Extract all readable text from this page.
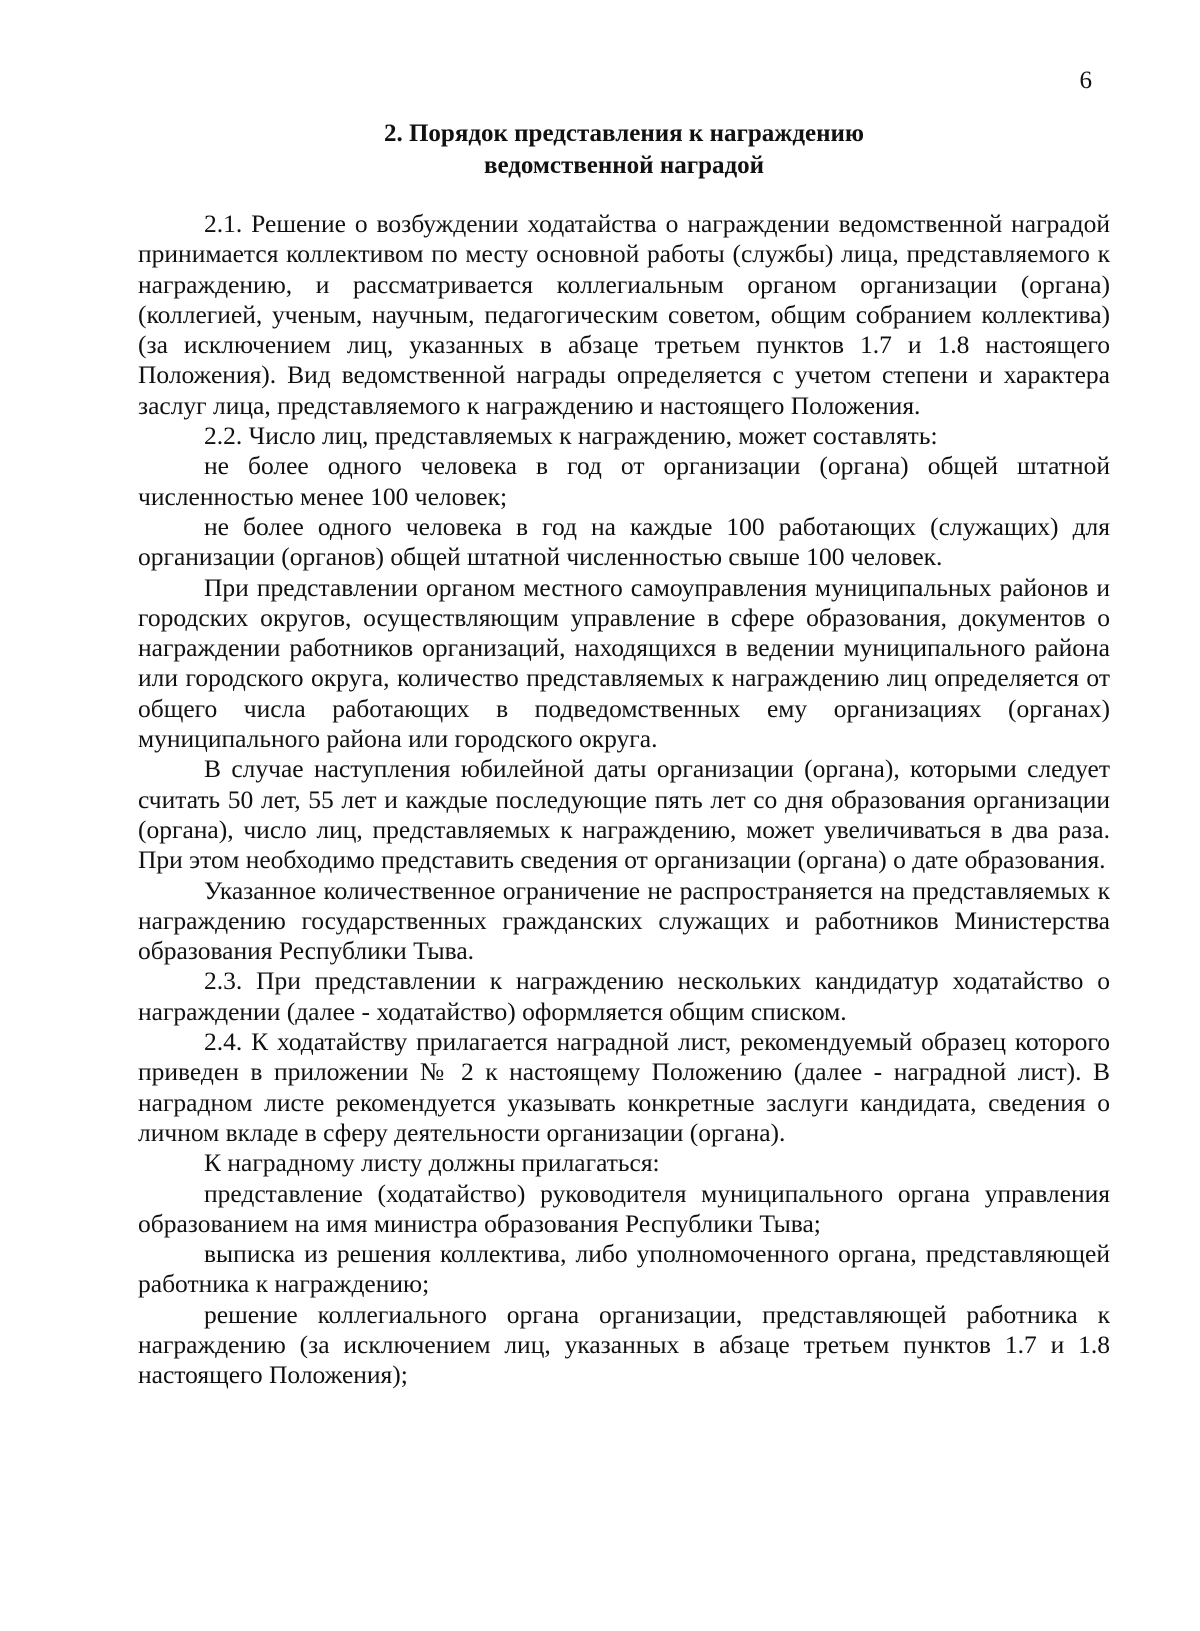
6
2. Порядок представления к награждению
ведомственной наградой

2.1. Решение о возбуждении ходатайства о награждении ведомственной наградой принимается коллективом по месту основной работы (службы) лица, представляемого к награждению, и рассматривается коллегиальным органом организации (органа) (коллегией, ученым, научным, педагогическим советом, общим собранием коллектива) (за исключением лиц, указанных в абзаце третьем пунктов 1.7 и 1.8 настоящего Положения). Вид ведомственной награды определяется с учетом степени и характера заслуг лица, представляемого к награждению и настоящего Положения.

2.2. Число лиц, представляемых к награждению, может составлять:

не более одного человека в год от организации (органа) общей штатной численностью менее 100 человек;

не более одного человека в год на каждые 100 работающих (служащих) для организации (органов) общей штатной численностью свыше 100 человек.

При представлении органом местного самоуправления муниципальных районов и городских округов, осуществляющим управление в сфере образования, документов о награждении работников организаций, находящихся в ведении муниципального района или городского округа, количество представляемых к награждению лиц определяется от общего числа работающих в подведомственных ему организациях (органах) муниципального района или городского округа.

В случае наступления юбилейной даты организации (органа), которыми следует считать 50 лет, 55 лет и каждые последующие пять лет со дня образования организации (органа), число лиц, представляемых к награждению, может увеличиваться в два раза. При этом необходимо представить сведения от организации (органа) о дате образования.

Указанное количественное ограничение не распространяется на представляемых к награждению государственных гражданских служащих и работников Министерства образования Республики Тыва.

2.3. При представлении к награждению нескольких кандидатур ходатайство о награждении (далее - ходатайство) оформляется общим списком.

2.4. К ходатайству прилагается наградной лист, рекомендуемый образец которого приведен в приложении № 2 к настоящему Положению (далее - наградной лист). В наградном листе рекомендуется указывать конкретные заслуги кандидата, сведения о личном вкладе в сферу деятельности организации (органа).

К наградному листу должны прилагаться:

представление (ходатайство) руководителя муниципального органа управления образованием на имя министра образования Республики Тыва;

выписка из решения коллектива, либо уполномоченного органа, представляющей работника к награждению;

решение коллегиального органа организации, представляющей работника к награждению (за исключением лиц, указанных в абзаце третьем пунктов 1.7 и 1.8 настоящего Положения);
